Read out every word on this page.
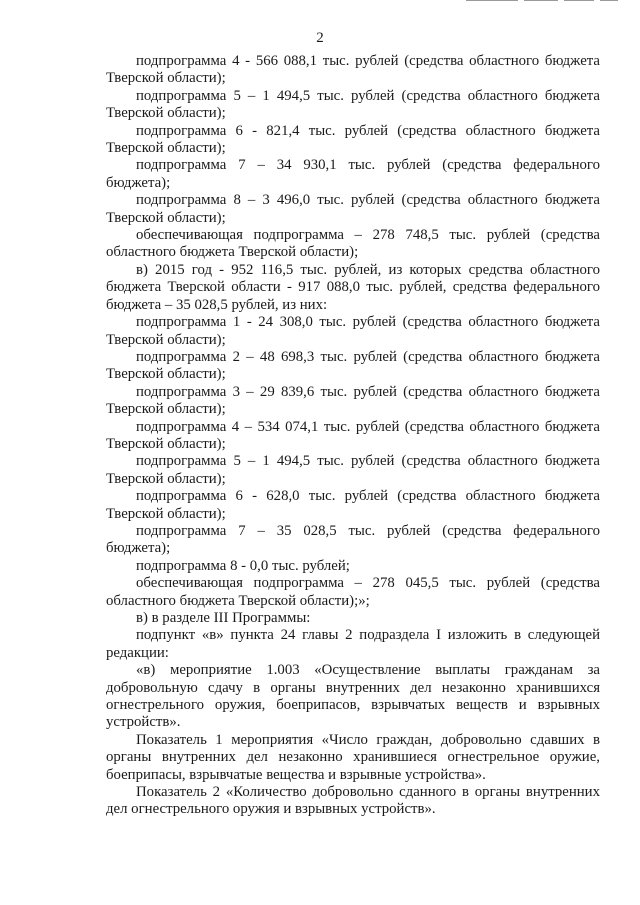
2

подпрограмма 4 - 566 088,1 тыс. рублей (средства областного бюджета Тверской области);

подпрограмма 5 – 1 494,5 тыс. рублей (средства областного бюджета Тверской области);

подпрограмма 6 - 821,4 тыс. рублей (средства областного бюджета Тверской области);

подпрограмма 7 – 34 930,1 тыс. рублей (средства федерального бюджета);

подпрограмма 8 – 3 496,0 тыс. рублей (средства областного бюджета Тверской области);

обеспечивающая подпрограмма – 278 748,5 тыс. рублей (средства областного бюджета Тверской области);

в) 2015 год - 952 116,5 тыс. рублей, из которых средства областного бюджета Тверской области - 917 088,0 тыс. рублей, средства федерального бюджета – 35 028,5 рублей, из них:

подпрограмма 1 - 24 308,0 тыс. рублей (средства областного бюджета Тверской области);

подпрограмма 2 – 48 698,3 тыс. рублей (средства областного бюджета Тверской области);

подпрограмма 3 – 29 839,6 тыс. рублей (средства областного бюджета Тверской области);

подпрограмма 4 – 534 074,1 тыс. рублей (средства областного бюджета Тверской области);

подпрограмма 5 – 1 494,5 тыс. рублей (средства областного бюджета Тверской области);

подпрограмма 6 - 628,0 тыс. рублей (средства областного бюджета Тверской области);

подпрограмма 7 – 35 028,5 тыс. рублей (средства федерального бюджета);

подпрограмма 8 - 0,0 тыс. рублей;

обеспечивающая подпрограмма – 278 045,5 тыс. рублей (средства областного бюджета Тверской области);»;

в) в разделе III Программы:

подпункт «в» пункта 24 главы 2 подраздела I изложить в следующей редакции:

«в) мероприятие 1.003 «Осуществление выплаты гражданам за добровольную сдачу в органы внутренних дел незаконно хранившихся огнестрельного оружия, боеприпасов, взрывчатых веществ и взрывных устройств».

Показатель 1 мероприятия «Число граждан, добровольно сдавших в органы внутренних дел незаконно хранившиеся огнестрельное оружие, боеприпасы, взрывчатые вещества и взрывные устройства».

Показатель 2 «Количество добровольно сданного в органы внутренних дел огнестрельного оружия и взрывных устройств».
